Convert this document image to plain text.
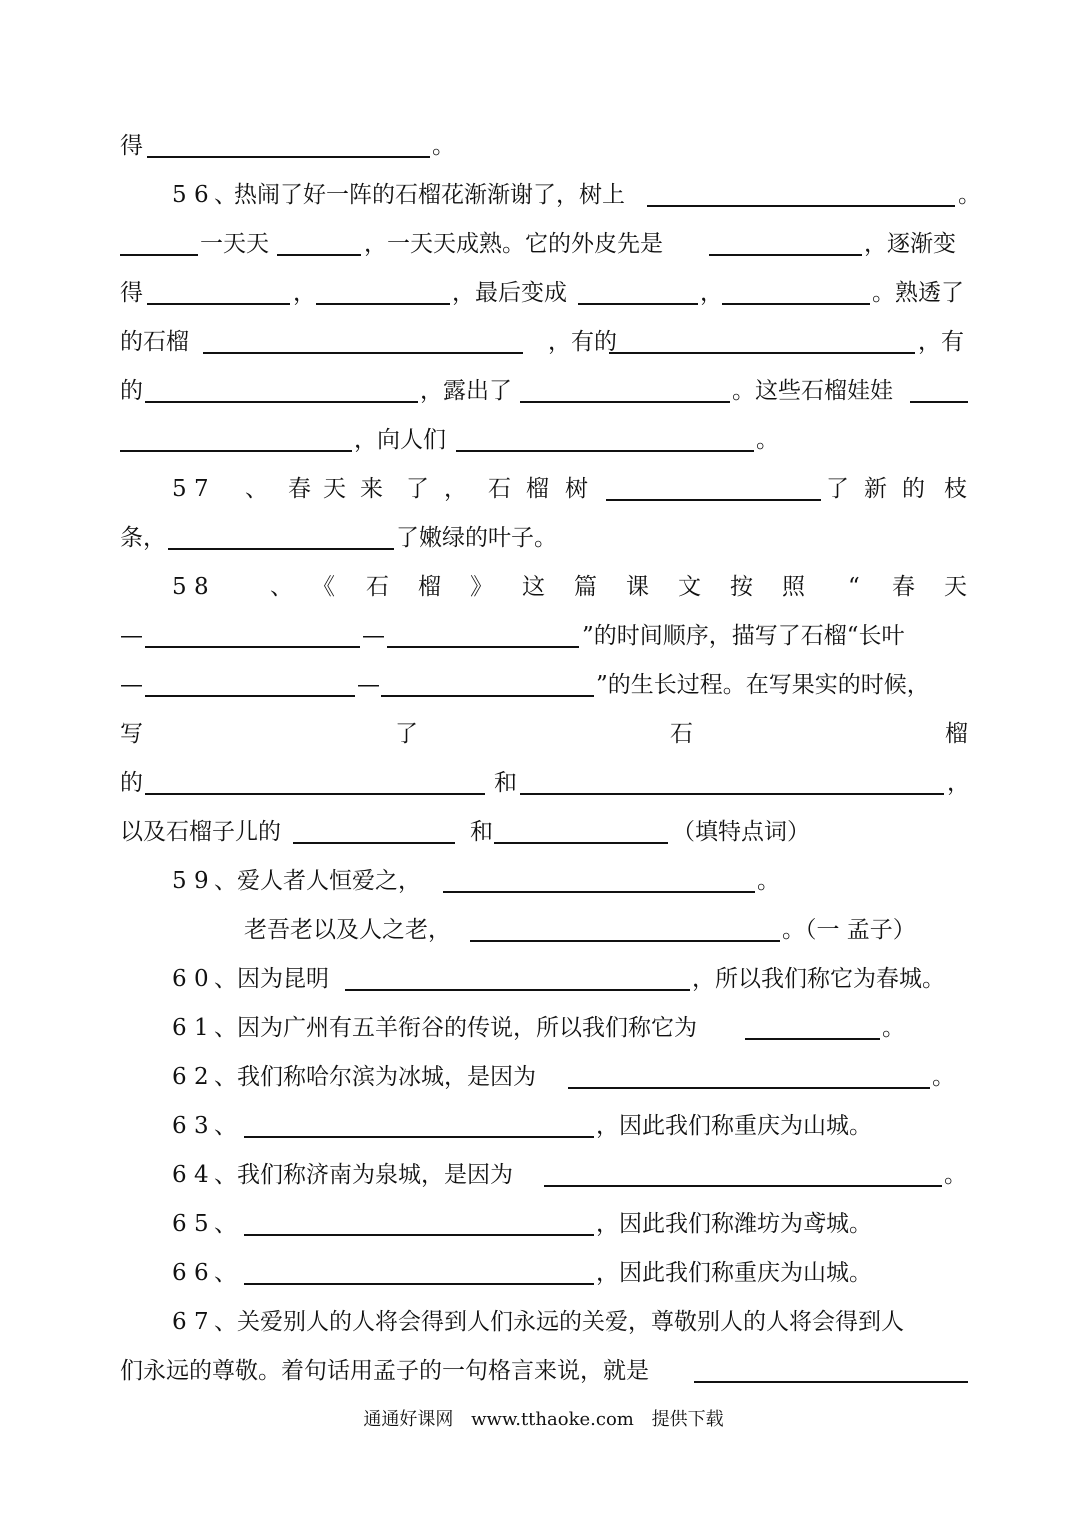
得	。
5 6 、
热闹了好一阵的石榴花渐渐谢了，树上	。
一天天	，一天天成熟。它的外皮先是	，逐渐变
得	，	，最后变成	，	。熟透了
的石榴	，有的	，有
的	，露出了	。这些石榴娃娃
，向人们	。
5 7 、 春 天 来 了 ， 石 榴 树	了 新 的 枝
条，	了嫩绿的叶子。
5 8	、 《 石 榴 》 这 篇 课 文 按 照 “ 春 天
—	—	”的时间顺序，描写了石榴“长叶
—	—	”的生长过程。在写果实的时候，
写	了	石	榴
的	和	，
以及石榴子儿的	和	（填特点词）
5 9 、爱人者人恒爱之，	。
老吾老以及人之老，	。（一 孟子）
6 0 、因为昆明	，所以我们称它为春城。
6 1 、因为广州有五羊衔谷的传说，所以我们称它为	。
6 2 、我们称哈尔滨为冰城，是因为	。
6 3 、	，因此我们称重庆为山城。
6 4 、我们称济南为泉城，是因为	。
6 5 、	，因此我们称潍坊为鸢城。
6 6 、	，因此我们称重庆为山城。
6 7 、关爱别人的人将会得到人们永远的关爱，尊敬别人的人将会得到人
们永远的尊敬。着句话用孟子的一句格言来说，就是
通通好课网 www.tthaoke.com 提供下载
